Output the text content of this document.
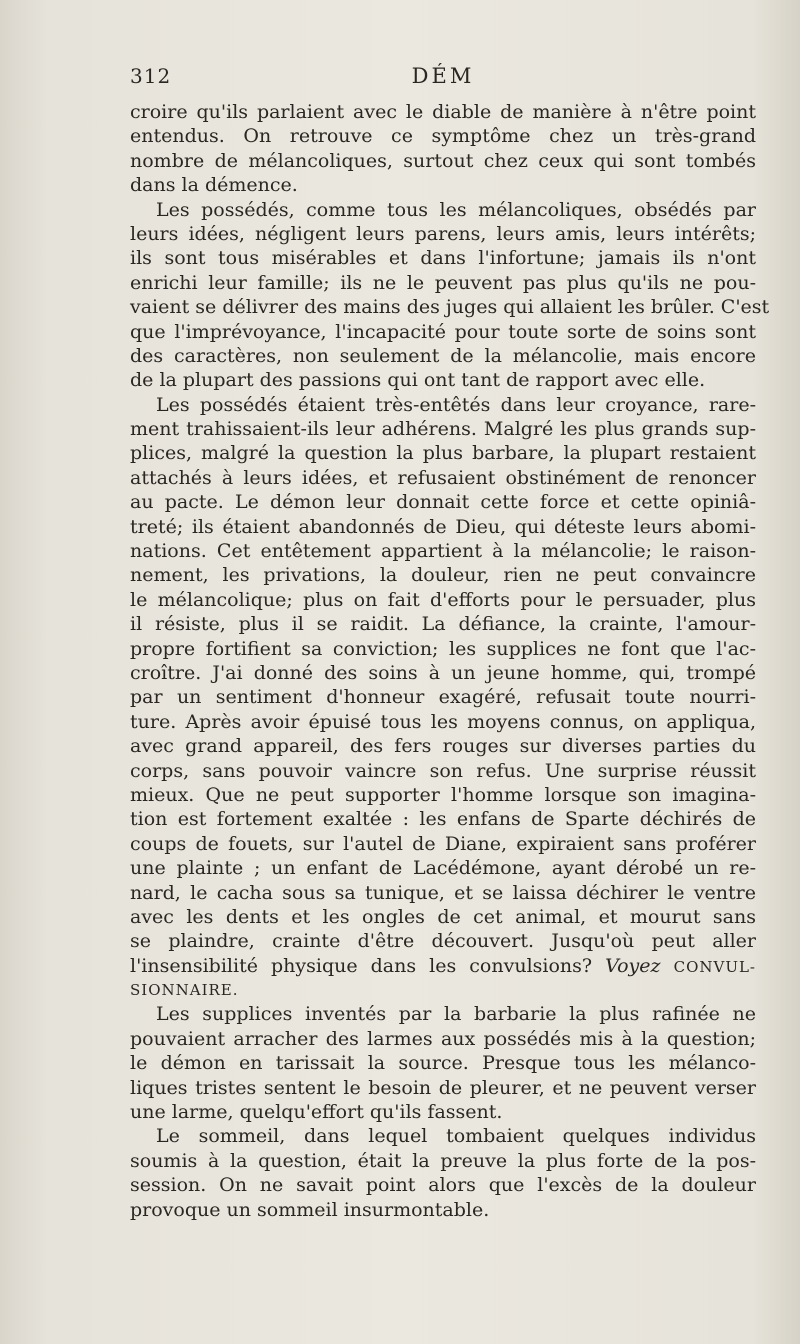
312	DÉM
croire qu'ils parlaient avec le diable de manière à n'être point
entendus. On retrouve ce symptôme chez un très-grand
nombre de mélancoliques, surtout chez ceux qui sont tombés
dans la démence.
Les possédés, comme tous les mélancoliques, obsédés par
leurs idées, négligent leurs parens, leurs amis, leurs intérêts;
ils sont tous misérables et dans l'infortune; jamais ils n'ont
enrichi leur famille; ils ne le peuvent pas plus qu'ils ne pou-
vaient se délivrer des mains des juges qui allaient les brûler. C'est
que l'imprévoyance, l'incapacité pour toute sorte de soins sont
des caractères, non seulement de la mélancolie, mais encore
de la plupart des passions qui ont tant de rapport avec elle.
Les possédés étaient très-entêtés dans leur croyance, rare-
ment trahissaient-ils leur adhérens. Malgré les plus grands sup-
plices, malgré la question la plus barbare, la plupart restaient
attachés à leurs idées, et refusaient obstinément de renoncer
au pacte. Le démon leur donnait cette force et cette opiniâ-
treté; ils étaient abandonnés de Dieu, qui déteste leurs abomi-
nations. Cet entêtement appartient à la mélancolie; le raison-
nement, les privations, la douleur, rien ne peut convaincre
le mélancolique; plus on fait d'efforts pour le persuader, plus
il résiste, plus il se raidit. La défiance, la crainte, l'amour-
propre fortifient sa conviction; les supplices ne font que l'ac-
croître. J'ai donné des soins à un jeune homme, qui, trompé
par un sentiment d'honneur exagéré, refusait toute nourri-
ture. Après avoir épuisé tous les moyens connus, on appliqua,
avec grand appareil, des fers rouges sur diverses parties du
corps, sans pouvoir vaincre son refus. Une surprise réussit
mieux. Que ne peut supporter l'homme lorsque son imagina-
tion est fortement exaltée : les enfans de Sparte déchirés de
coups de fouets, sur l'autel de Diane, expiraient sans proférer
une plainte ; un enfant de Lacédémone, ayant dérobé un re-
nard, le cacha sous sa tunique, et se laissa déchirer le ventre
avec les dents et les ongles de cet animal, et mourut sans
se plaindre, crainte d'être découvert. Jusqu'où peut aller
l'insensibilité physique dans les convulsions? Voyez CONVUL-
SIONNAIRE.
Les supplices inventés par la barbarie la plus rafinée ne
pouvaient arracher des larmes aux possédés mis à la question;
le démon en tarissait la source. Presque tous les mélanco-
liques tristes sentent le besoin de pleurer, et ne peuvent verser
une larme, quelqu'effort qu'ils fassent.
Le sommeil, dans lequel tombaient quelques individus
soumis à la question, était la preuve la plus forte de la pos-
session. On ne savait point alors que l'excès de la douleur
provoque un sommeil insurmontable.
